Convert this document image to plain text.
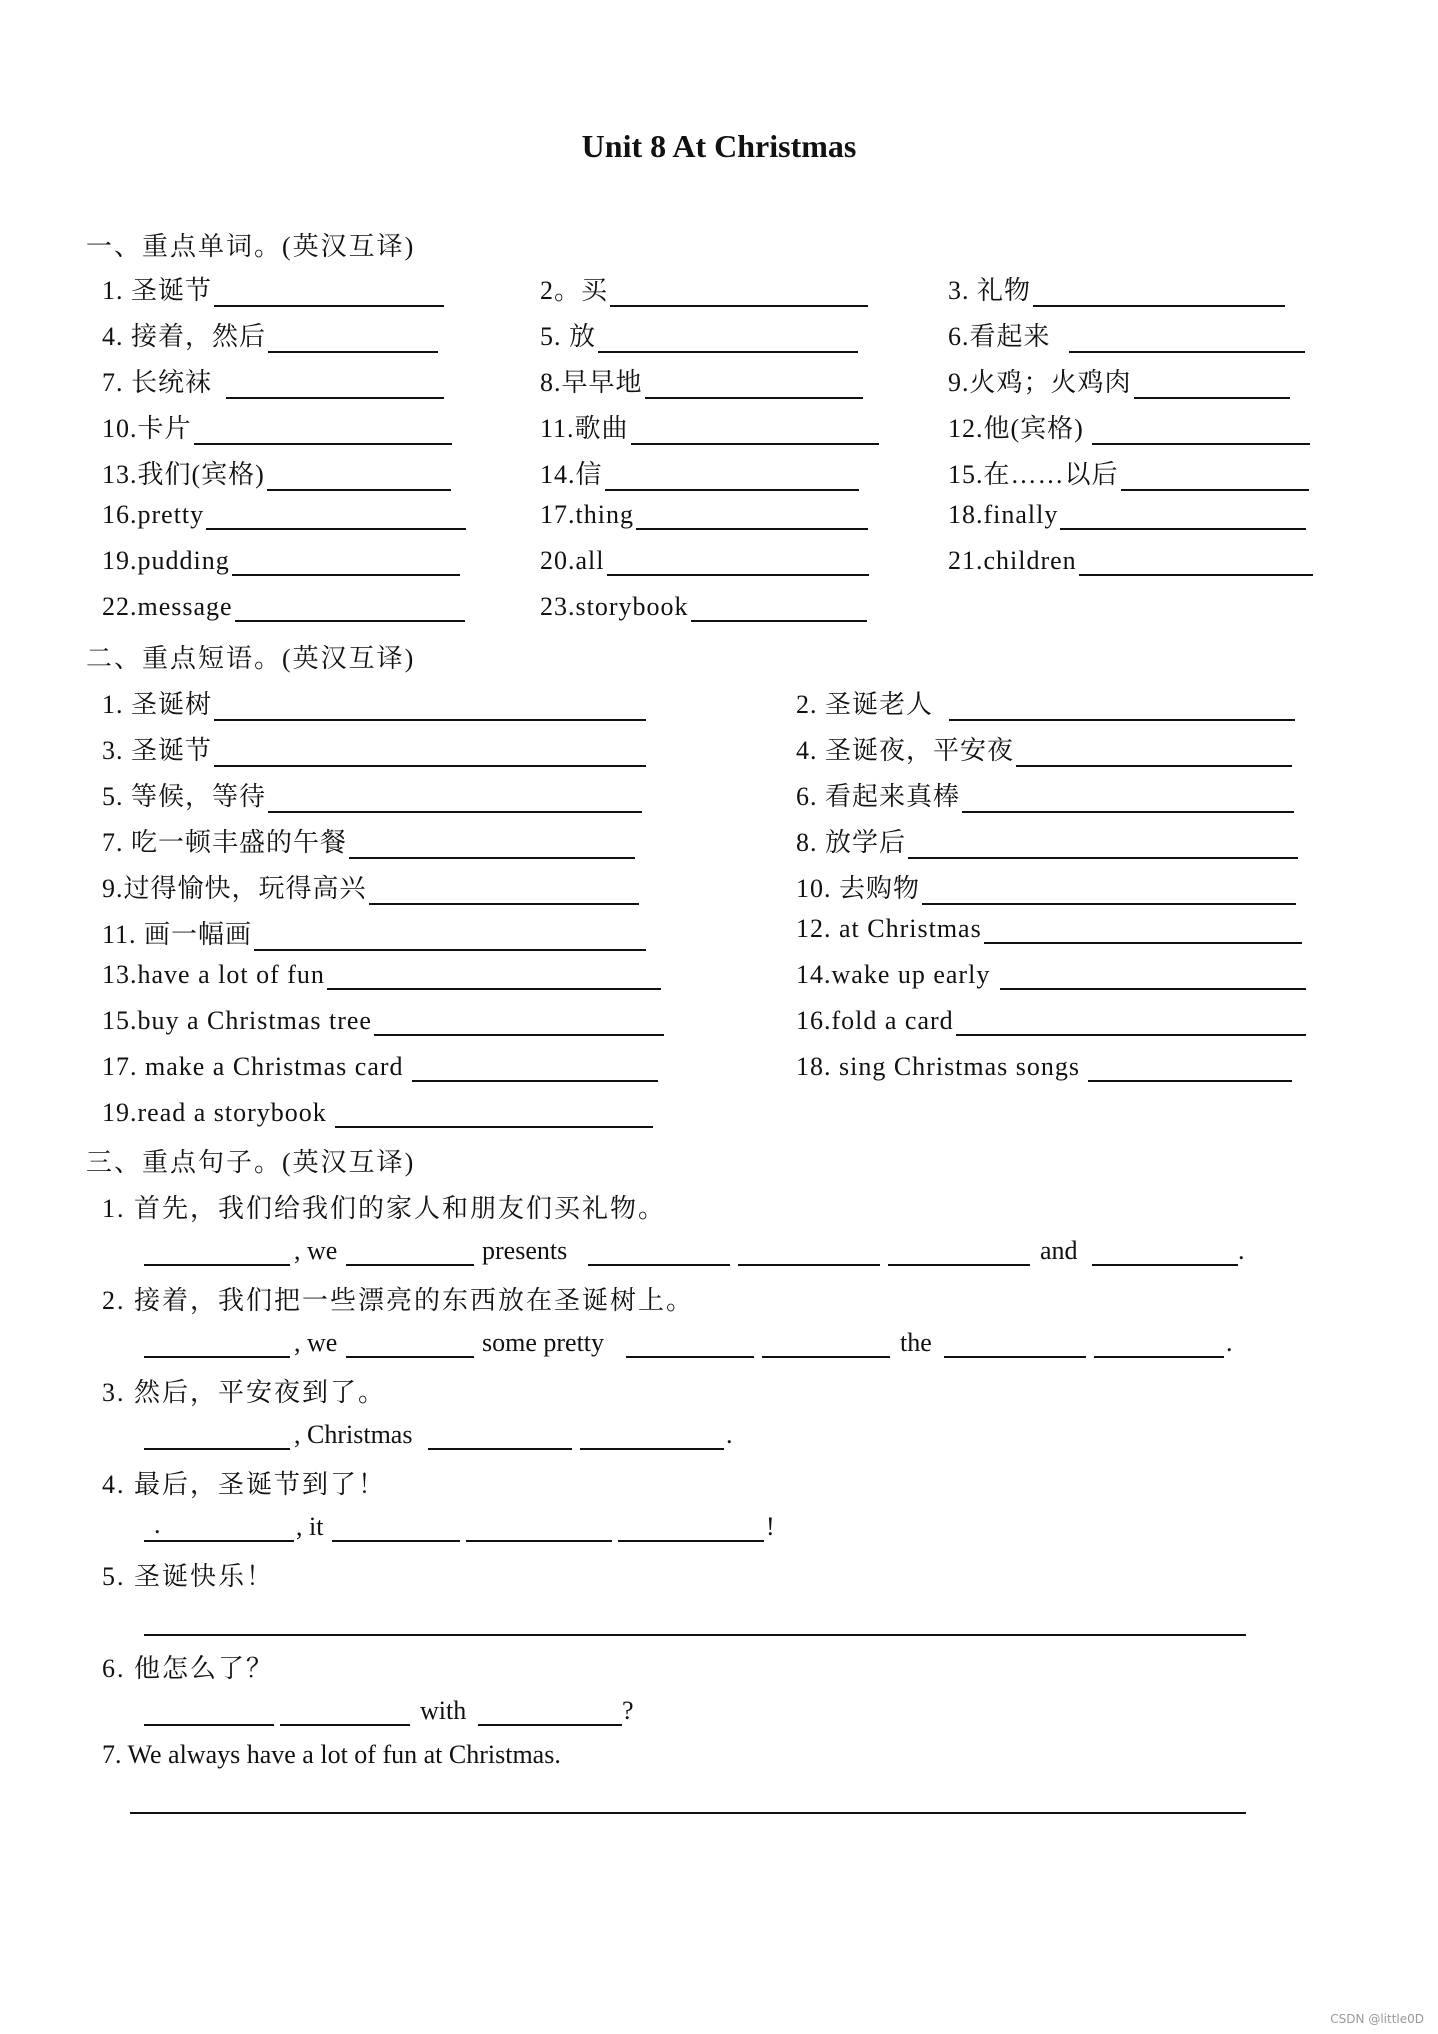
Unit 8 At Christmas
一、重点单词。(英汉互译)
1. 圣诞节	2。买	3. 礼物
4. 接着，然后	5. 放	6.看起来
7. 长统袜	8.早早地	9.火鸡；火鸡肉
10.卡片	11.歌曲	12.他(宾格)
13.我们(宾格)	14.信	15.在……以后
16.pretty	17.thing	18.finally
19.pudding	20.all	21.children
22.message	23.storybook
二、重点短语。(英汉互译)
1. 圣诞树	2. 圣诞老人
3. 圣诞节	4. 圣诞夜，平安夜
5. 等候，等待	6. 看起来真棒
7. 吃一顿丰盛的午餐	8. 放学后
9.过得愉快，玩得高兴	10. 去购物
11. 画一幅画	12. at Christmas
13.have a lot of fun	14.wake up early
15.buy a Christmas tree	16.fold a card
17. make a Christmas card	18. sing Christmas songs
19.read a storybook
三、重点句子。(英汉互译)
1. 首先，我们给我们的家人和朋友们买礼物。
, we	presents	and	.
2. 接着，我们把一些漂亮的东西放在圣诞树上。
, we	some pretty	the	.
3. 然后，平安夜到了。
, Christmas	.
4. 最后，圣诞节到了！
.	, it	!
5. 圣诞快乐！
6. 他怎么了？
with	?
7. We always have a lot of fun at Christmas.
CSDN @little0D
